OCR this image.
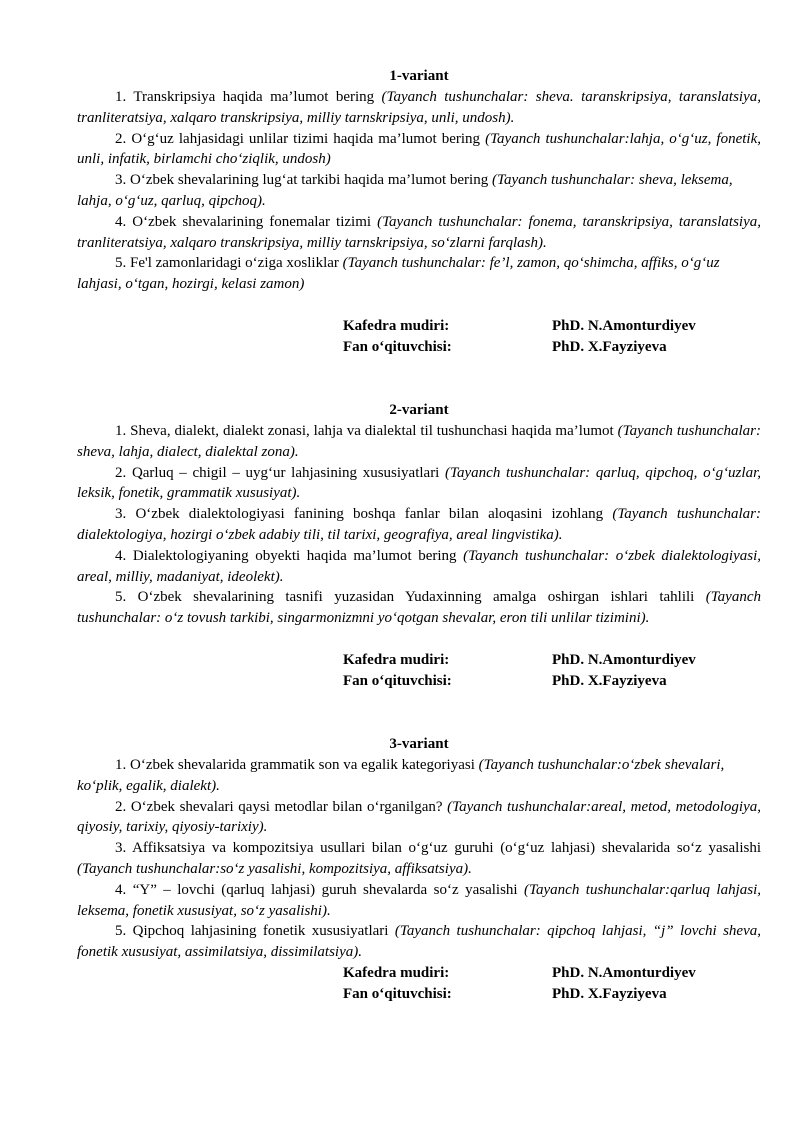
1-variant

1. Transkripsiya haqida ma’lumot bering (Tayanch tushunchalar: sheva. taranskripsiya, taranslatsiya, tranliteratsiya, xalqaro transkripsiya, milliy tarnskripsiya, unli, undosh).

2. O‘g‘uz lahjasidagi unlilar tizimi haqida ma’lumot bering (Tayanch tushunchalar:lahja, o‘g‘uz, fonetik, unli, infatik, birlamchi cho‘ziqlik, undosh)

3. O‘zbek shevalarining lug‘at tarkibi haqida ma’lumot bering (Tayanch tushunchalar: sheva, leksema, lahja, o‘g‘uz, qarluq, qipchoq).

4. O‘zbek shevalarining fonemalar tizimi (Tayanch tushunchalar: fonema, taranskripsiya, taranslatsiya, tranliteratsiya, xalqaro transkripsiya, milliy tarnskripsiya, so‘zlarni farqlash).

5. Fe'l zamonlaridagi o‘ziga xosliklar (Tayanch tushunchalar: fe’l, zamon, qo‘shimcha, affiks, o‘g‘uz lahjasi, o‘tgan, hozirgi, kelasi zamon)

Kafedra mudiri:	PhD. N.Amonturdiyev
Fan o‘qituvchisi:	PhD. X.Fayziyeva

2-variant

1. Sheva, dialekt, dialekt zonasi, lahja va dialektal til tushunchasi haqida ma’lumot (Tayanch tushunchalar: sheva, lahja, dialect, dialektal zona).

2. Qarluq – chigil – uyg‘ur lahjasining xususiyatlari (Tayanch tushunchalar: qarluq, qipchoq, o‘g‘uzlar, leksik, fonetik, grammatik xususiyat).

3. O‘zbek dialektologiyasi fanining boshqa fanlar bilan aloqasini izohlang (Tayanch tushunchalar: dialektologiya, hozirgi o‘zbek adabiy tili, til tarixi, geografiya, areal lingvistika).

4. Dialektologiyaning obyekti haqida ma’lumot bering (Tayanch tushunchalar: o‘zbek dialektologiyasi, areal, milliy, madaniyat, ideolekt).

5. O‘zbek shevalarining tasnifi yuzasidan Yudaxinning amalga oshirgan ishlari tahlili (Tayanch tushunchalar: o‘z tovush tarkibi, singarmonizmni yo‘qotgan shevalar, eron tili unlilar tizimini).

Kafedra mudiri:	PhD. N.Amonturdiyev
Fan o‘qituvchisi:	PhD. X.Fayziyeva

3-variant

1. O‘zbek shevalarida grammatik son va egalik kategoriyasi (Tayanch tushunchalar:o‘zbek shevalari, ko‘plik, egalik, dialekt).

2. O‘zbek shevalari qaysi metodlar bilan o‘rganilgan? (Tayanch tushunchalar:areal, metod, metodologiya, qiyosiy, tarixiy, qiyosiy-tarixiy).

3. Affiksatsiya va kompozitsiya usullari bilan o‘g‘uz guruhi (o‘g‘uz lahjasi) shevalarida so‘z yasalishi (Tayanch tushunchalar:so‘z yasalishi, kompozitsiya, affiksatsiya).

4. “Y” – lovchi (qarluq lahjasi) guruh shevalarda so‘z yasalishi (Tayanch tushunchalar:qarluq lahjasi, leksema, fonetik xususiyat, so‘z yasalishi).

5. Qipchoq lahjasining fonetik xususiyatlari (Tayanch tushunchalar: qipchoq lahjasi, “j” lovchi sheva, fonetik xususiyat, assimilatsiya, dissimilatsiya).

Kafedra mudiri:	PhD. N.Amonturdiyev
Fan o‘qituvchisi:	PhD. X.Fayziyeva
